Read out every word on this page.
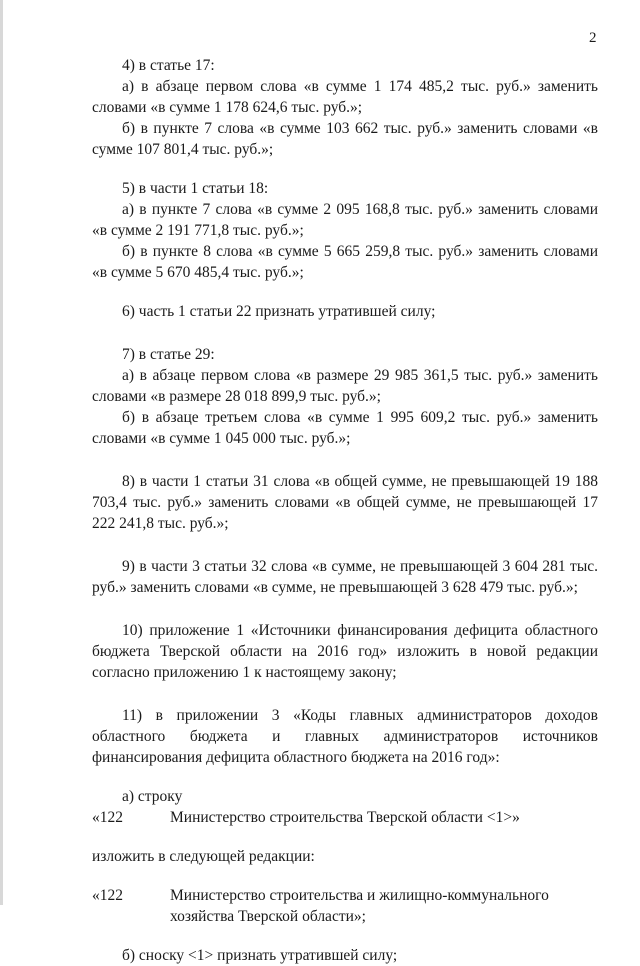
2

4) в статье 17:

а) в абзаце первом слова «в сумме 1 174 485,2 тыс. руб.» заменить словами «в сумме 1 178 624,6 тыс. руб.»;

б) в пункте 7 слова «в сумме 103 662 тыс. руб.» заменить словами «в сумме 107 801,4 тыс. руб.»;

5) в части 1 статьи 18:

а) в пункте 7 слова «в сумме 2 095 168,8 тыс. руб.» заменить словами «в сумме 2 191 771,8 тыс. руб.»;

б) в пункте 8 слова «в сумме 5 665 259,8 тыс. руб.» заменить словами «в сумме 5 670 485,4 тыс. руб.»;

6) часть 1 статьи 22 признать утратившей силу;

7) в статье 29:

а) в абзаце первом слова «в размере 29 985 361,5 тыс. руб.» заменить словами «в размере 28 018 899,9 тыс. руб.»;

б) в абзаце третьем слова «в сумме 1 995 609,2 тыс. руб.» заменить словами «в сумме 1 045 000 тыс. руб.»;

8) в части 1 статьи 31 слова «в общей сумме, не превышающей 19 188 703,4 тыс. руб.» заменить словами «в общей сумме, не превышающей 17 222 241,8 тыс. руб.»;

9) в части 3 статьи 32 слова «в сумме, не превышающей 3 604 281 тыс. руб.» заменить словами «в сумме, не превышающей 3 628 479 тыс. руб.»;

10) приложение 1 «Источники финансирования дефицита областного бюджета Тверской области на 2016 год» изложить в новой редакции согласно приложению 1 к настоящему закону;

11) в приложении 3 «Коды главных администраторов доходов областного бюджета и главных администраторов источников финансирования дефицита областного бюджета на 2016 год»:

а) строку

«122	Министерство строительства Тверской области <1>»

изложить в следующей редакции:

«122	Министерство строительства и жилищно-коммунального хозяйства Тверской области»;

б) сноску <1> признать утратившей силу;
